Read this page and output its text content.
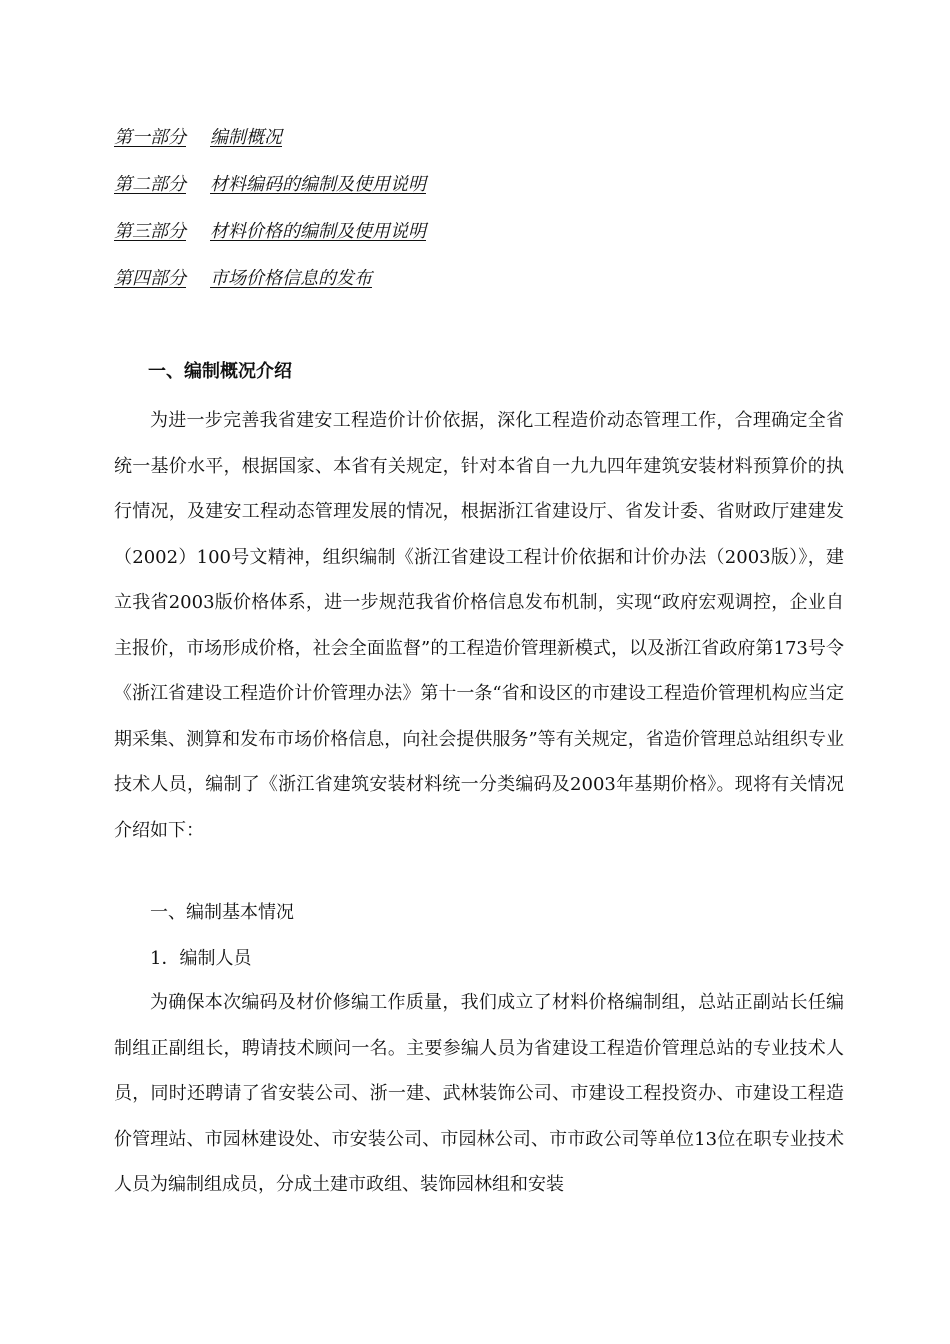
第一部分 编制概况
第二部分 材料编码的编制及使用说明
第三部分 材料价格的编制及使用说明
第四部分 市场价格信息的发布
一、编制概况介绍

为进一步完善我省建安工程造价计价依据，深化工程造价动态管理工作，合理确定全省统一基价水平，根据国家、本省有关规定，针对本省自一九九四年建筑安装材料预算价的执行情况，及建安工程动态管理发展的情况，根据浙江省建设厅、省发计委、省财政厅建建发（2002）100号文精神，组织编制《浙江省建设工程计价依据和计价办法（2003版）》，建立我省2003版价格体系，进一步规范我省价格信息发布机制，实现“政府宏观调控，企业自主报价，市场形成价格，社会全面监督”的工程造价管理新模式，以及浙江省政府第173号令《浙江省建设工程造价计价管理办法》第十一条“省和设区的市建设工程造价管理机构应当定期采集、测算和发布市场价格信息，向社会提供服务”等有关规定，省造价管理总站组织专业技术人员，编制了《浙江省建筑安装材料统一分类编码及2003年基期价格》。现将有关情况介绍如下：

一、编制基本情况
1．编制人员

为确保本次编码及材价修编工作质量，我们成立了材料价格编制组，总站正副站长任编制组正副组长，聘请技术顾问一名。主要参编人员为省建设工程造价管理总站的专业技术人员，同时还聘请了省安装公司、浙一建、武林装饰公司、市建设工程投资办、市建设工程造价管理站、市园林建设处、市安装公司、市园林公司、市市政公司等单位13位在职专业技术人员为编制组成员，分成土建市政组、装饰园林组和安装
